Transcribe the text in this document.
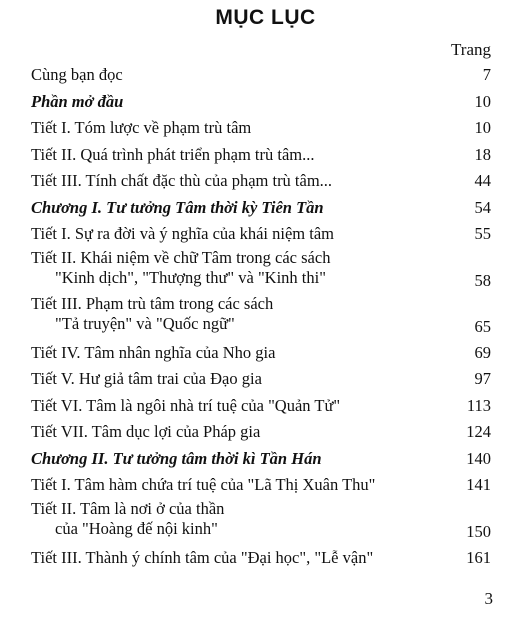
MỤC LỤC
Trang
Cùng bạn đọc	7
Phần mở đầu	10
Tiết I. Tóm lược về phạm trù tâm	10
Tiết II. Quá trình phát triển phạm trù tâm...	18
Tiết III. Tính chất đặc thù của phạm trù tâm...	44
Chương I. Tư tưởng Tâm thời kỳ Tiên Tần	54
Tiết I. Sự ra đời và ý nghĩa của khái niệm tâm	55
Tiết II. Khái niệm về chữ Tâm trong các sách
"Kinh dịch", "Thượng thư" và "Kinh thi"	58
Tiết III. Phạm trù tâm trong các sách
"Tả truyện" và "Quốc ngữ"	65
Tiết IV. Tâm nhân nghĩa của Nho gia	69
Tiết V. Hư giả tâm trai của Đạo gia	97
Tiết VI. Tâm là ngôi nhà trí tuệ của "Quản Tử"	113
Tiết VII. Tâm dục lợi của Pháp gia	124
Chương II. Tư tưởng tâm thời kì Tần Hán	140
Tiết I. Tâm hàm chứa trí tuệ của "Lã Thị Xuân Thu"	141
Tiết II. Tâm là nơi ở của thần
của "Hoàng đế nội kinh"	150
Tiết III. Thành ý chính tâm của "Đại học", "Lễ vận"	161
3
